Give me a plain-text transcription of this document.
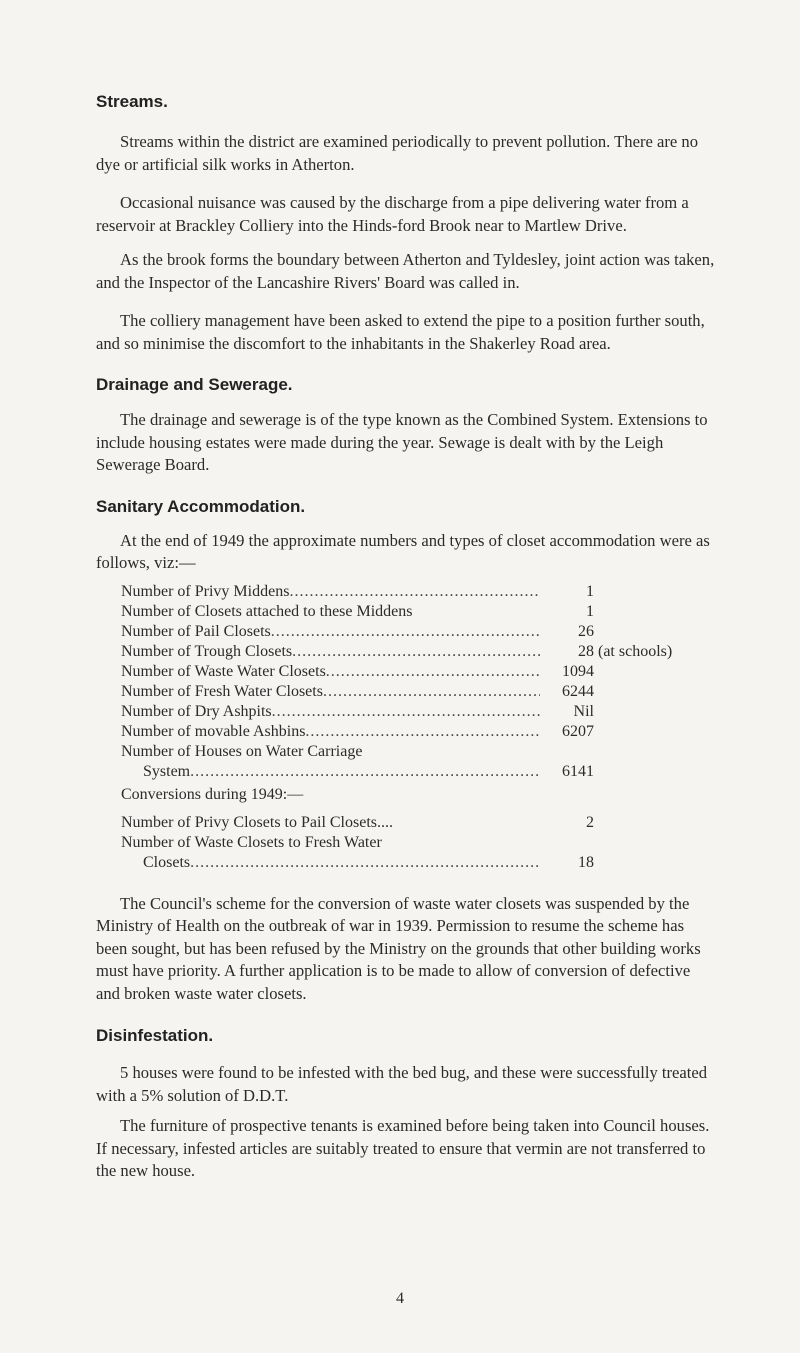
Streams.

Streams within the district are examined periodically to prevent pollution. There are no dye or artificial silk works in Atherton.

Occasional nuisance was caused by the discharge from a pipe delivering water from a reservoir at Brackley Colliery into the Hinds-ford Brook near to Martlew Drive.

As the brook forms the boundary between Atherton and Tyldesley, joint action was taken, and the Inspector of the Lancashire Rivers' Board was called in.

The colliery management have been asked to extend the pipe to a position further south, and so minimise the discomfort to the inhabitants in the Shakerley Road area.

Drainage and Sewerage.

The drainage and sewerage is of the type known as the Combined System. Extensions to include housing estates were made during the year. Sewage is dealt with by the Leigh Sewerage Board.

Sanitary Accommodation.

At the end of 1949 the approximate numbers and types of closet accommodation were as follows, viz:—

Number of Privy Middens .....	1
Number of Closets attached to these Middens	1
Number of Pail Closets .....	26
Number of Trough Closets .....	28 (at schools)
Number of Waste Water Closets .....	1094
Number of Fresh Water Closets .....	6244
Number of Dry Ashpits .....	Nil
Number of movable Ashbins .....	6207
Number of Houses on Water Carriage
System .....	6141
Conversions during 1949:—
Number of Privy Closets to Pail Closets....	2
Number of Waste Closets to Fresh Water
Closets .....	18

The Council's scheme for the conversion of waste water closets was suspended by the Ministry of Health on the outbreak of war in 1939. Permission to resume the scheme has been sought, but has been refused by the Ministry on the grounds that other building works must have priority. A further application is to be made to allow of conversion of defective and broken waste water closets.

Disinfestation.

5 houses were found to be infested with the bed bug, and these were successfully treated with a 5% solution of D.D.T.

The furniture of prospective tenants is examined before being taken into Council houses. If necessary, infested articles are suitably treated to ensure that vermin are not transferred to the new house.

4
